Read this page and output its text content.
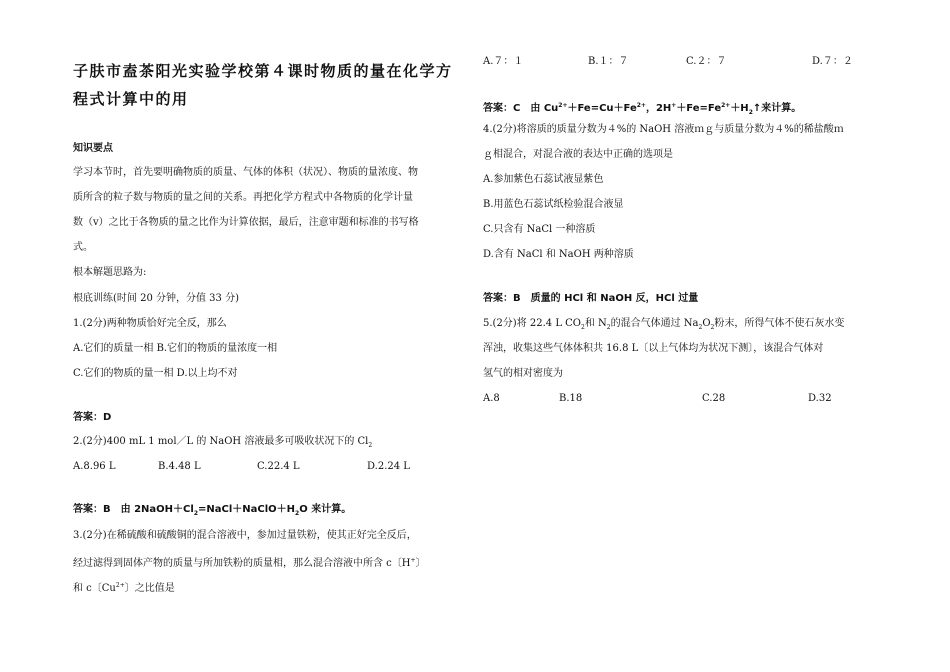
子肤市盍茶阳光实验学校第４课时物质的量在化学方
程式计算中的用
知识要点
学习本节时，首先要明确物质的质量、气体的体积（状况）、物质的量浓度、物
质所含的粒子数与物质的量之间的关系。再把化学方程式中各物质的化学计量
数（v）之比于各物质的量之比作为计算依据，最后，注意审题和标准的书写格
式。
根本解题思路为:
根底训练(时间 20 分钟，分值 33 分)
1.(2分)两种物质恰好完全反，那么
A.它们的质量一相 B.它们的物质的量浓度一相
C.它们的物质的量一相 D.以上均不对
答案：D
2.(2分)400 mL 1 mol／L 的 NaOH 溶液最多可吸收状况下的 $Cl_2$
A.8.96 L	B.4.48 L	C.22.4 L	D.2.24 L
答案：B　由 $2NaOH+Cl_2=NaCl+NaClO+H_2O$ 来计算。
3.(2分)在稀硫酸和硫酸铜的混合溶液中，参加过量铁粉，使其正好完全反后，
经过滤得到固体产物的质量与所加铁粉的质量相，那么混合溶液中所含 c〔H+〕
和 c〔$Cu^{2+}$〕之比值是
A.７：１	B.１：７	C.２：７	D.７：２
答案：C　由 $Cu^{2+}+Fe=Cu+Fe^{2+}$，$2H^++Fe=Fe^{2+}+H_2↑$来计算。
4.(2分)将溶质的质量分数为４%的 NaOH 溶液ｍｇ与质量分数为４%的稀盐酸ｍ
ｇ相混合，对混合液的表达中正确的选项是
A.参加紫色石蕊试液显紫色
B.用蓝色石蕊试纸检验混合液显
C.只含有 NaCl 一种溶质
D.含有 NaCl 和 NaOH 两种溶质
答案：B　质量的 HCl 和 NaOH 反，HCl 过量
5.(2分)将 22.4 L $CO_2$和 $N_2$的混合气体通过 $Na_2O_2$粉末，所得气体不使石灰水变
浑浊，收集这些气体体积共 16.8 L〔以上气体均为状况下测〕，该混合气体对
氢气的相对密度为
A.8	B.18	C.28	D.32
